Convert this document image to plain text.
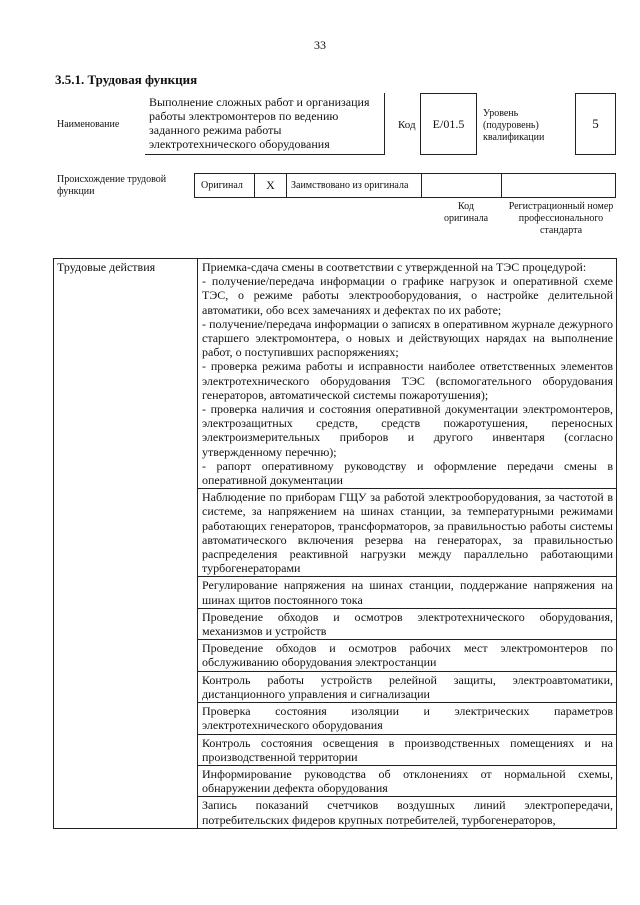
33
3.5.1. Трудовая функция
Наименование
Выполнение сложных работ и организация работы электромонтеров по ведению заданного режима работы электротехнического оборудования
Код E/01.5
Уровень (подуровень) квалификации
5
Происхождение трудовой функции
Оригинал	X	Заимствовано из оригинала
Код оригинала
Регистрационный номер профессионального стандарта
Трудовые действия	Приемка-сдача смены в соответствии с утвержденной на ТЭС процедурой:

- получение/передача информации о графике нагрузок и оперативной схеме ТЭС, о режиме работы электрооборудования, о настройке делительной автоматики, обо всех замечаниях и дефектах по их работе;

- получение/передача информации о записях в оперативном журнале дежурного старшего электромонтера, о новых и действующих нарядах на выполнение работ, о поступивших распоряжениях;

- проверка режима работы и исправности наиболее ответственных элементов электротехнического оборудования ТЭС (вспомогательного оборудования генераторов, автоматической системы пожаротушения);

- проверка наличия и состояния оперативной документации электромонтеров, электрозащитных средств, средств пожаротушения, переносных электроизмерительных приборов и другого инвентаря (согласно утвержденному перечню);

- рапорт оперативному руководству и оформление передачи смены в оперативной документации

Наблюдение по приборам ГЩУ за работой электрооборудования, за частотой в системе, за напряжением на шинах станции, за температурными режимами работающих генераторов, трансформаторов, за правильностью работы системы автоматического включения резерва на генераторах, за правильностью распределения реактивной нагрузки между параллельно работающими турбогенераторами
Регулирование напряжения на шинах станции, поддержание напряжения на шинах щитов постоянного тока
Проведение обходов и осмотров электротехнического оборудования, механизмов и устройств
Проведение обходов и осмотров рабочих мест электромонтеров по обслуживанию оборудования электростанции
Контроль работы устройств релейной защиты, электроавтоматики, дистанционного управления и сигнализации
Проверка состояния изоляции и электрических параметров электротехнического оборудования
Контроль состояния освещения в производственных помещениях и на производственной территории
Информирование руководства об отклонениях от нормальной схемы, обнаружении дефекта оборудования
Запись показаний счетчиков воздушных линий электропередачи, потребительских фидеров крупных потребителей, турбогенераторов,
